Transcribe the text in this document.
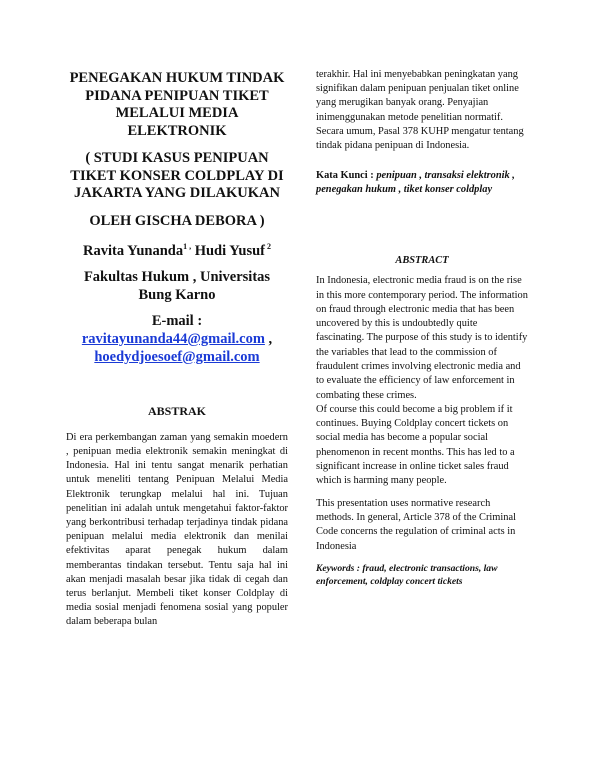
PENEGAKAN HUKUM TINDAK PIDANA PENIPUAN TIKET MELALUI MEDIA ELEKTRONIK

( STUDI KASUS PENIPUAN TIKET KONSER COLDPLAY DI JAKARTA YANG DILAKUKAN

OLEH GISCHA DEBORA )

Ravita Yunanda$^{1 ,}$ Hudi Yusuf $^2$

Fakultas Hukum , Universitas Bung Karno

E-mail :

ravitayunanda44@gmail.com ,

hoedydjoesoef@gmail.com

ABSTRAK

Di era perkembangan zaman yang semakin moedern , penipuan media elektronik semakin meningkat di Indonesia. Hal ini tentu sangat menarik perhatian untuk meneliti tentang Penipuan Melalui Media Elektronik terungkap melalui hal ini. Tujuan penelitian ini adalah untuk mengetahui faktor-faktor yang berkontribusi terhadap terjadinya tindak pidana penipuan melalui media elektronik dan menilai efektivitas aparat penegak hukum dalam memberantas tindakan tersebut. Tentu saja hal ini akan menjadi masalah besar jika tidak di cegah dan terus berlanjut. Membeli tiket konser Coldplay di media sosial menjadi fenomena sosial yang populer dalam beberapa bulan

terakhir. Hal ini menyebabkan peningkatan yang signifikan dalam penipuan penjualan tiket online yang merugikan banyak orang. Penyajian inimenggunakan metode penelitian normatif. Secara umum, Pasal 378 KUHP mengatur tentang tindak pidana penipuan di Indonesia.

Kata Kunci : penipuan , transaksi elektronik , penegakan hukum , tiket konser coldplay

ABSTRACT

In Indonesia, electronic media fraud is on the rise in this more contemporary period. The information on fraud through electronic media that has been uncovered by this is undoubtedly quite fascinating. The purpose of this study is to identify the variables that lead to the commission of fraudulent crimes involving electronic media and to evaluate the efficiency of law enforcement in combating these crimes.
Of course this could become a big problem if it continues. Buying Coldplay concert tickets on social media has become a popular social phenomenon in recent months. This has led to a significant increase in online ticket sales fraud which is harming many people.

This presentation uses normative research methods. In general, Article 378 of the Criminal Code concerns the regulation of criminal acts in Indonesia

Keywords : fraud, electronic transactions, law enforcement, coldplay concert tickets
